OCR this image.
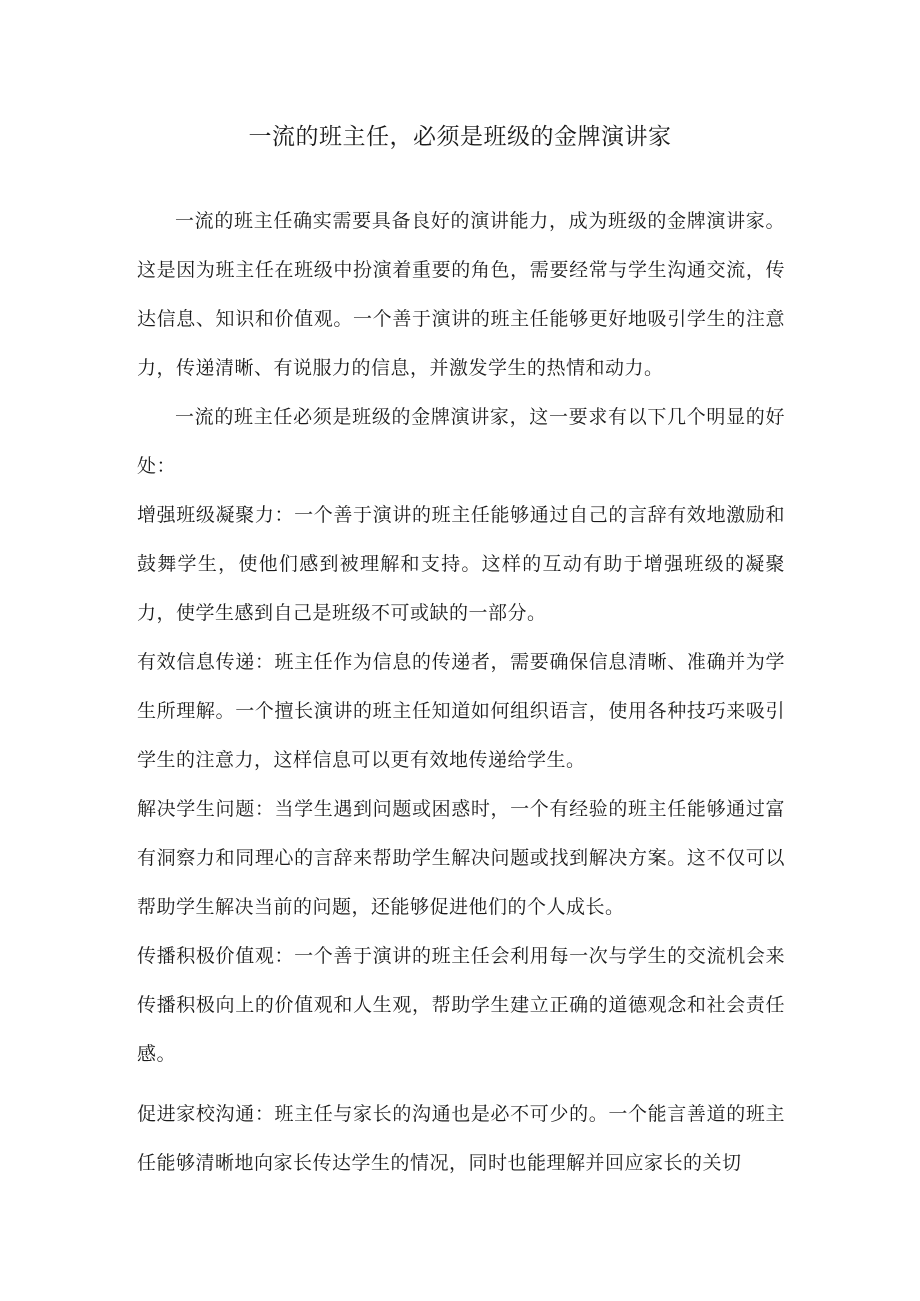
一流的班主任，必须是班级的金牌演讲家

一流的班主任确实需要具备良好的演讲能力，成为班级的金牌演讲家。这是因为班主任在班级中扮演着重要的角色，需要经常与学生沟通交流，传达信息、知识和价值观。一个善于演讲的班主任能够更好地吸引学生的注意力，传递清晰、有说服力的信息，并激发学生的热情和动力。

一流的班主任必须是班级的金牌演讲家，这一要求有以下几个明显的好处：

增强班级凝聚力：一个善于演讲的班主任能够通过自己的言辞有效地激励和鼓舞学生，使他们感到被理解和支持。这样的互动有助于增强班级的凝聚力，使学生感到自己是班级不可或缺的一部分。

有效信息传递：班主任作为信息的传递者，需要确保信息清晰、准确并为学生所理解。一个擅长演讲的班主任知道如何组织语言，使用各种技巧来吸引学生的注意力，这样信息可以更有效地传递给学生。

解决学生问题：当学生遇到问题或困惑时，一个有经验的班主任能够通过富有洞察力和同理心的言辞来帮助学生解决问题或找到解决方案。这不仅可以帮助学生解决当前的问题，还能够促进他们的个人成长。

传播积极价值观：一个善于演讲的班主任会利用每一次与学生的交流机会来传播积极向上的价值观和人生观，帮助学生建立正确的道德观念和社会责任感。

促进家校沟通：班主任与家长的沟通也是必不可少的。一个能言善道的班主任能够清晰地向家长传达学生的情况，同时也能理解并回应家长的关切
